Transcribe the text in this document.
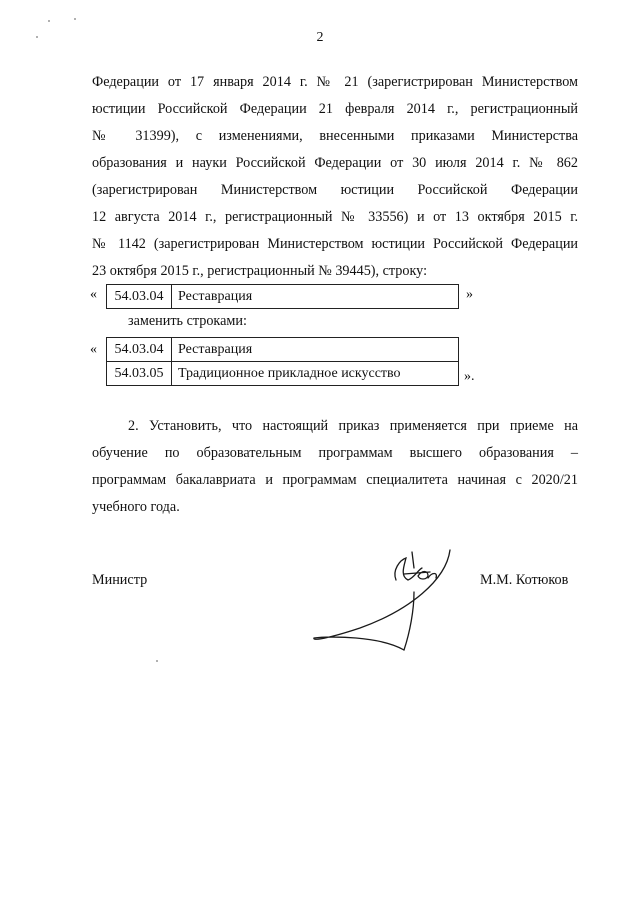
2
Федерации от 17 января 2014 г. № 21 (зарегистрирован Министерством
юстиции Российской Федерации 21 февраля 2014 г., регистрационный
№ 31399), с изменениями, внесенными приказами Министерства
образования и науки Российской Федерации от 30 июля 2014 г. № 862
(зарегистрирован Министерством юстиции Российской Федерации
12 августа 2014 г., регистрационный № 33556) и от 13 октября 2015 г.
№ 1142 (зарегистрирован Министерством юстиции Российской Федерации
23 октября 2015 г., регистрационный № 39445), строку:
« 54.03.04	Реставрация	»
заменить строками:
« 54.03.04	Реставрация
54.03.05	Традиционное прикладное искусство	».
2. Установить, что настоящий приказ применяется при приеме на
обучение по образовательным программам высшего образования –
программам бакалавриата и программам специалитета начиная с 2020/21
учебного года.
Министр	М.М. Котюков
